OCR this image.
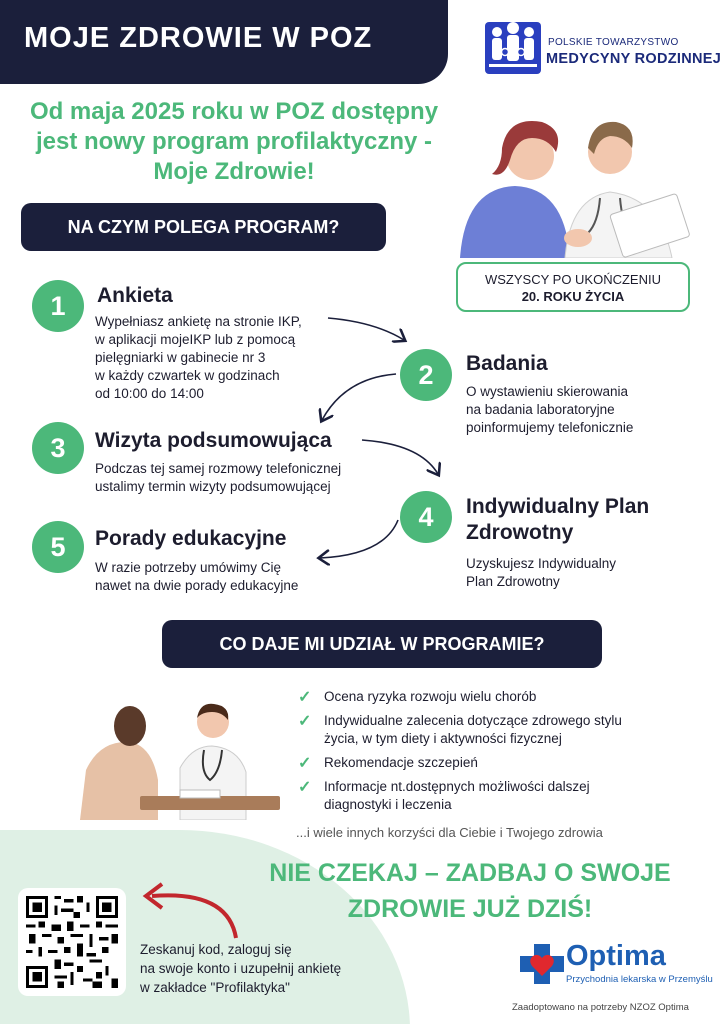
MOJE ZDROWIE W POZ	POLSKIE TOWARZYSTWO
MEDYCYNY RODZINNEJ
Od maja 2025 roku w POZ dostępny jest nowy program profilaktyczny - Moje Zdrowie!
NA CZYM POLEGA PROGRAM?
WSZYSCY PO UKOŃCZENIU
20. ROKU ŻYCIA
1	Ankieta
Wypełniasz ankietę na stronie IKP,
w aplikacji mojeIKP lub z pomocą
pielęgniarki w gabinecie nr 3
w każdy czwartek w godzinach
od 10:00 do 14:00
2	Badania
O wystawieniu skierowania
na badania laboratoryjne
poinformujemy telefonicznie
3	Wizyta podsumowująca
Podczas tej samej rozmowy telefonicznej
ustalimy termin wizyty podsumowującej
4	Indywidualny Plan
Zdrowotny
Uzyskujesz Indywidualny
Plan Zdrowotny
5	Porady edukacyjne
W razie potrzeby umówimy Cię
nawet na dwie porady edukacyjne
CO DAJE MI UDZIAŁ W PROGRAMIE?
✓ Ocena ryzyka rozwoju wielu chorób
✓ Indywidualne zalecenia dotyczące zdrowego stylu
życia, w tym diety i aktywności fizycznej
✓ Rekomendacje szczepień
✓ Informacje nt.dostępnych możliwości dalszej
diagnostyki i leczenia
...i wiele innych korzyści dla Ciebie i Twojego zdrowia
NIE CZEKAJ – ZADBAJ O SWOJE
ZDROWIE JUŻ DZIŚ!
Zeskanuj kod, zaloguj się
na swoje konto i uzupełnij ankietę
w zakładce "Profilaktyka"
Optima
Przychodnia lekarska w Przemyślu
Zaadoptowano na potrzeby NZOZ Optima
